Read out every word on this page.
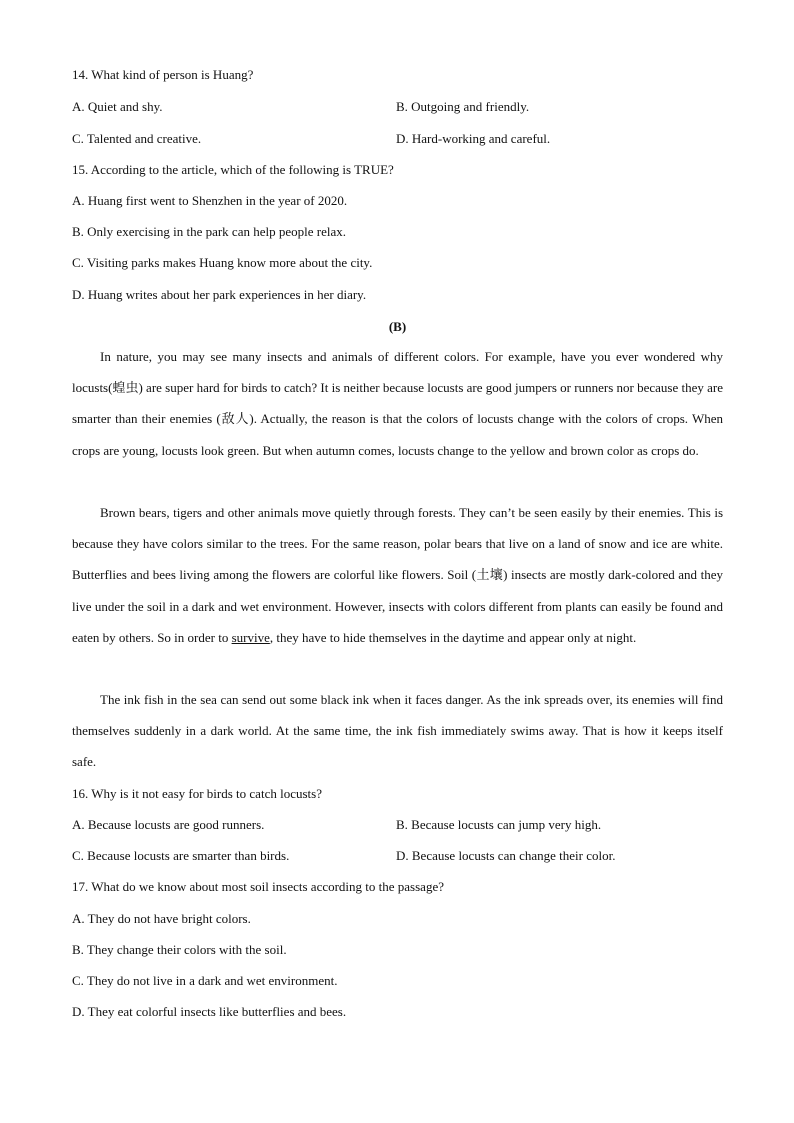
14. What kind of person is Huang?
A. Quiet and shy.	B. Outgoing and friendly.
C. Talented and creative.	D. Hard-working and careful.
15. According to the article, which of the following is TRUE?
A. Huang first went to Shenzhen in the year of 2020.
B. Only exercising in the park can help people relax.
C. Visiting parks makes Huang know more about the city.
D. Huang writes about her park experiences in her diary.
(B)
In nature, you may see many insects and animals of different colors. For example, have you ever wondered why locusts(蝗虫) are super hard for birds to catch? It is neither because locusts are good jumpers or runners nor because they are smarter than their enemies (敌人). Actually, the reason is that the colors of locusts change with the colors of crops. When crops are young, locusts look green. But when autumn comes, locusts change to the yellow and brown color as crops do.
Brown bears, tigers and other animals move quietly through forests. They can’t be seen easily by their enemies. This is because they have colors similar to the trees. For the same reason, polar bears that live on a land of snow and ice are white. Butterflies and bees living among the flowers are colorful like flowers. Soil (土壤) insects are mostly dark-colored and they live under the soil in a dark and wet environment. However, insects with colors different from plants can easily be found and eaten by others. So in order to survive, they have to hide themselves in the daytime and appear only at night.
The ink fish in the sea can send out some black ink when it faces danger. As the ink spreads over, its enemies will find themselves suddenly in a dark world. At the same time, the ink fish immediately swims away. That is how it keeps itself safe.
16. Why is it not easy for birds to catch locusts?
A. Because locusts are good runners.	B. Because locusts can jump very high.
C. Because locusts are smarter than birds.	D. Because locusts can change their color.
17. What do we know about most soil insects according to the passage?
A. They do not have bright colors.
B. They change their colors with the soil.
C. They do not live in a dark and wet environment.
D. They eat colorful insects like butterflies and bees.
